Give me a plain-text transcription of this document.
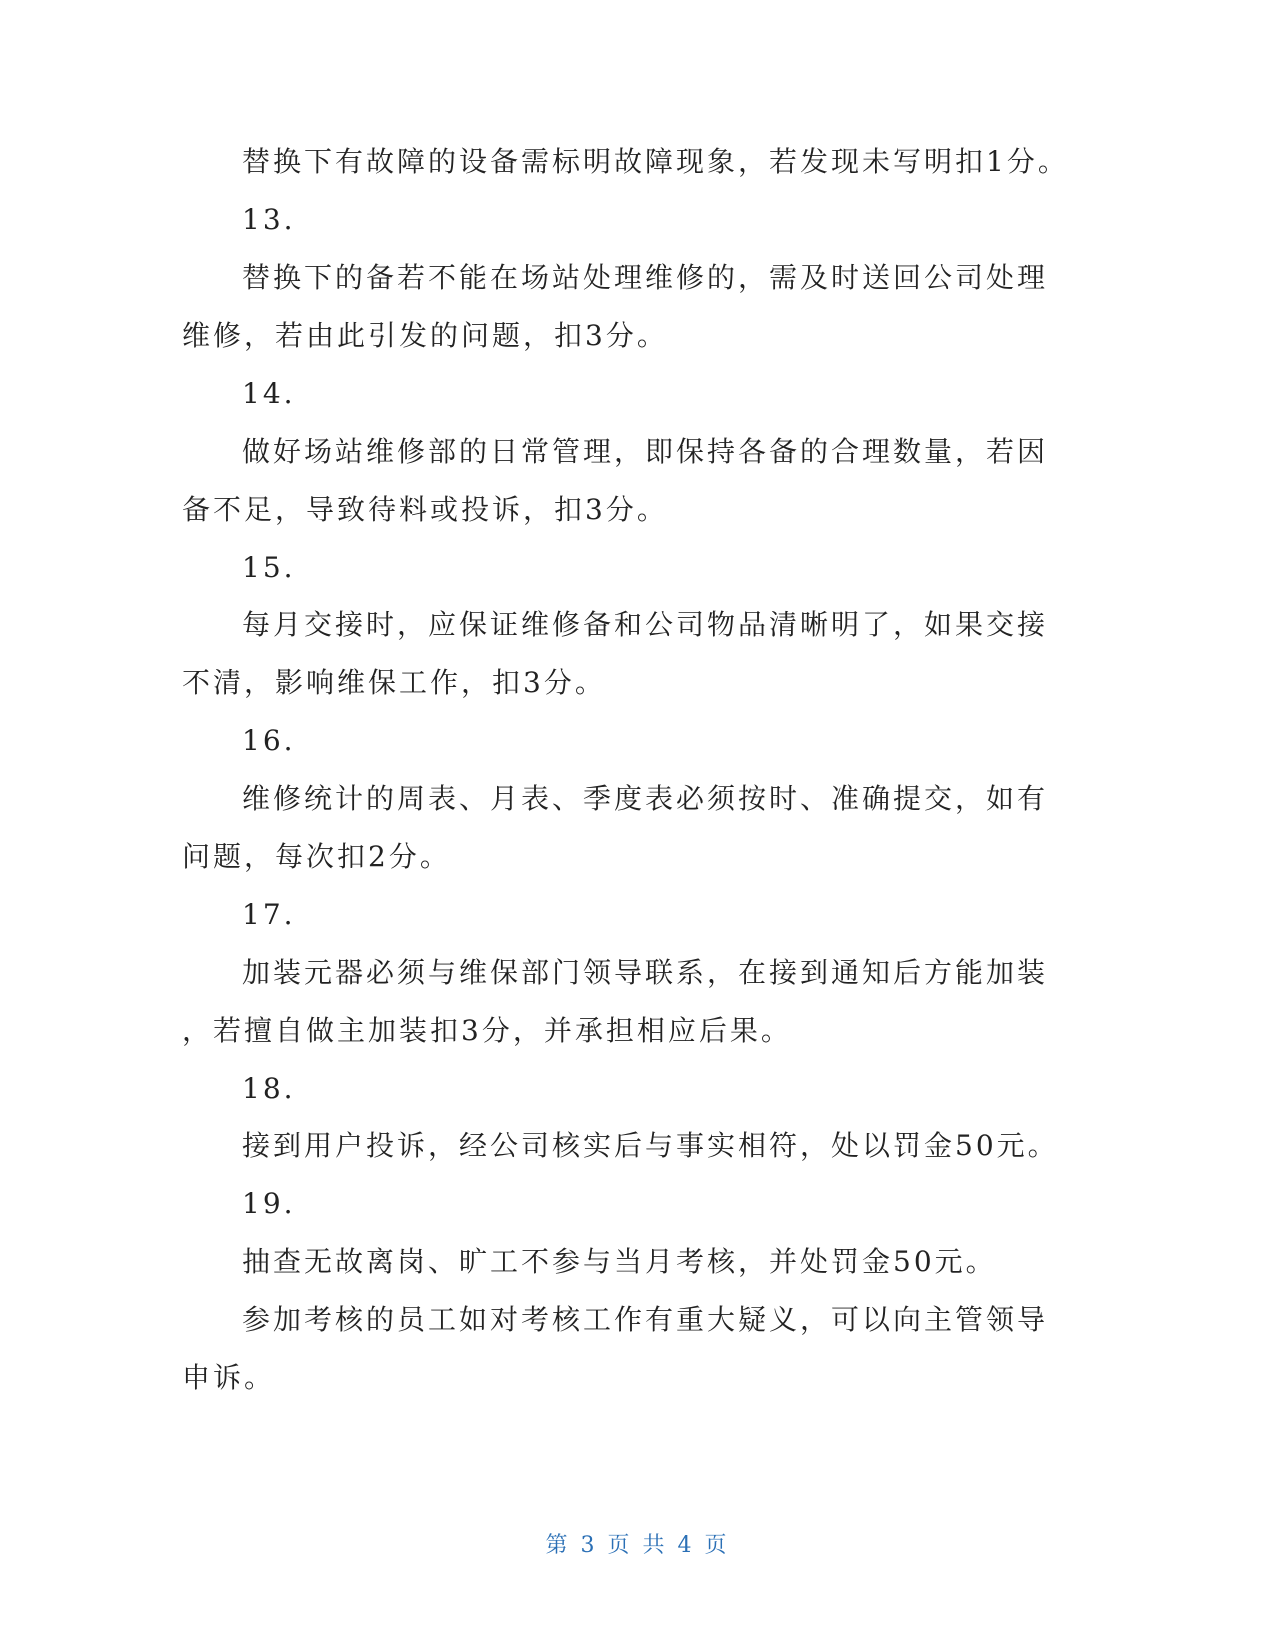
替换下有故障的设备需标明故障现象，若发现未写明扣1分。
13.
替换下的备若不能在场站处理维修的，需及时送回公司处理
维修，若由此引发的问题，扣3分。
14.
做好场站维修部的日常管理，即保持各备的合理数量，若因
备不足，导致待料或投诉，扣3分。
15.
每月交接时，应保证维修备和公司物品清晰明了，如果交接
不清，影响维保工作，扣3分。
16.
维修统计的周表、月表、季度表必须按时、准确提交，如有
问题，每次扣2分。
17.
加装元器必须与维保部门领导联系，在接到通知后方能加装
，若擅自做主加装扣3分，并承担相应后果。
18.
接到用户投诉，经公司核实后与事实相符，处以罚金50元。
19.
抽查无故离岗、旷工不参与当月考核，并处罚金50元。
参加考核的员工如对考核工作有重大疑义，可以向主管领导
申诉。
第 3 页 共 4 页
